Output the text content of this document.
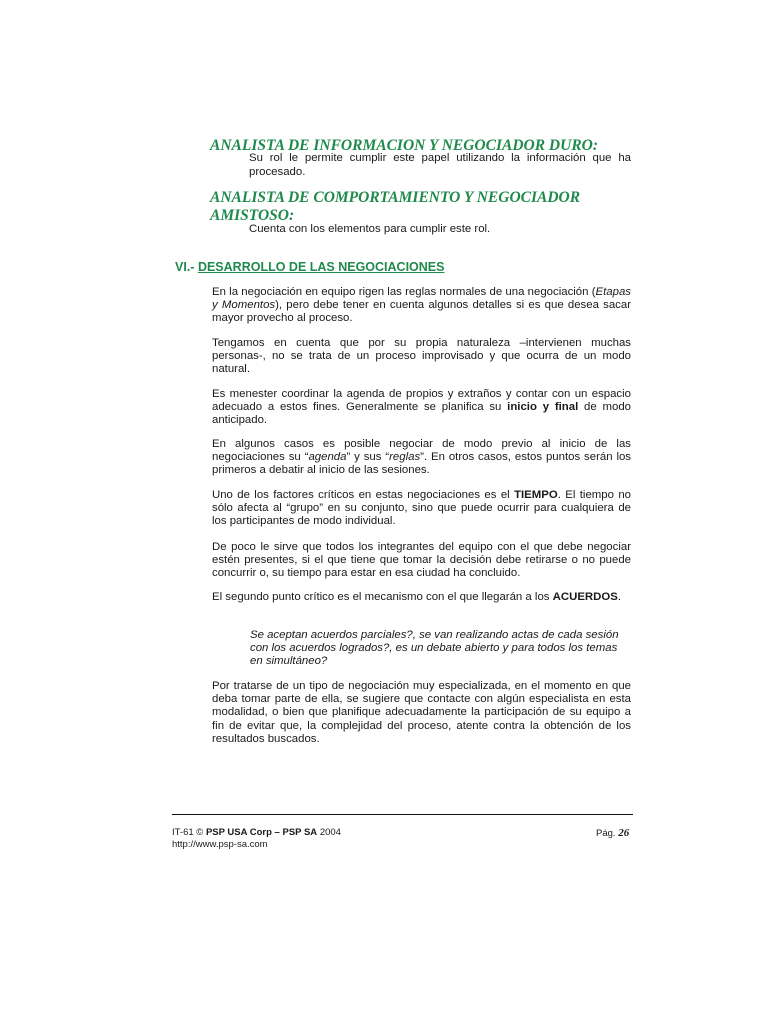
ANALISTA DE INFORMACION Y NEGOCIADOR DURO:

Su rol le permite cumplir este papel utilizando la información que ha procesado.

ANALISTA DE COMPORTAMIENTO Y NEGOCIADOR AMISTOSO:

Cuenta con los elementos para cumplir este rol.

VI.- DESARROLLO DE LAS NEGOCIACIONES

En la negociación en equipo rigen las reglas normales de una negociación (Etapas y Momentos), pero debe tener en cuenta algunos detalles si es que desea sacar mayor provecho al proceso.

Tengamos en cuenta que por su propia naturaleza –intervienen muchas personas-, no se trata de un proceso improvisado y que ocurra de un modo natural.

Es menester coordinar la agenda de propios y extraños y contar con un espacio adecuado a estos fines. Generalmente se planifica su inicio y final de modo anticipado.

En algunos casos es posible negociar de modo previo al inicio de las negociaciones su “agenda” y sus “reglas”. En otros casos, estos puntos serán los primeros a debatir al inicio de las sesiones.

Uno de los factores críticos en estas negociaciones es el TIEMPO. El tiempo no sólo afecta al “grupo” en su conjunto, sino que puede ocurrir para cualquiera de los participantes de modo individual.

De poco le sirve que todos los integrantes del equipo con el que debe negociar estén presentes, si el que tiene que tomar la decisión debe retirarse o no puede concurrir o, su tiempo para estar en esa ciudad ha concluido.

El segundo punto crítico es el mecanismo con el que llegarán a los ACUERDOS.

Se aceptan acuerdos parciales?, se van realizando actas de cada sesión con los acuerdos logrados?, es un debate abierto y para todos los temas en simultáneo?

Por tratarse de un tipo de negociación muy especializada, en el momento en que deba tomar parte de ella, se sugiere que contacte con algún especialista en esta modalidad, o bien que planifique adecuadamente la participación de su equipo a fin de evitar que, la complejidad del proceso, atente contra la obtención de los resultados buscados.

IT-61 © PSP USA Corp – PSP SA 2004
http://www.psp-sa.com
Pág. 26
